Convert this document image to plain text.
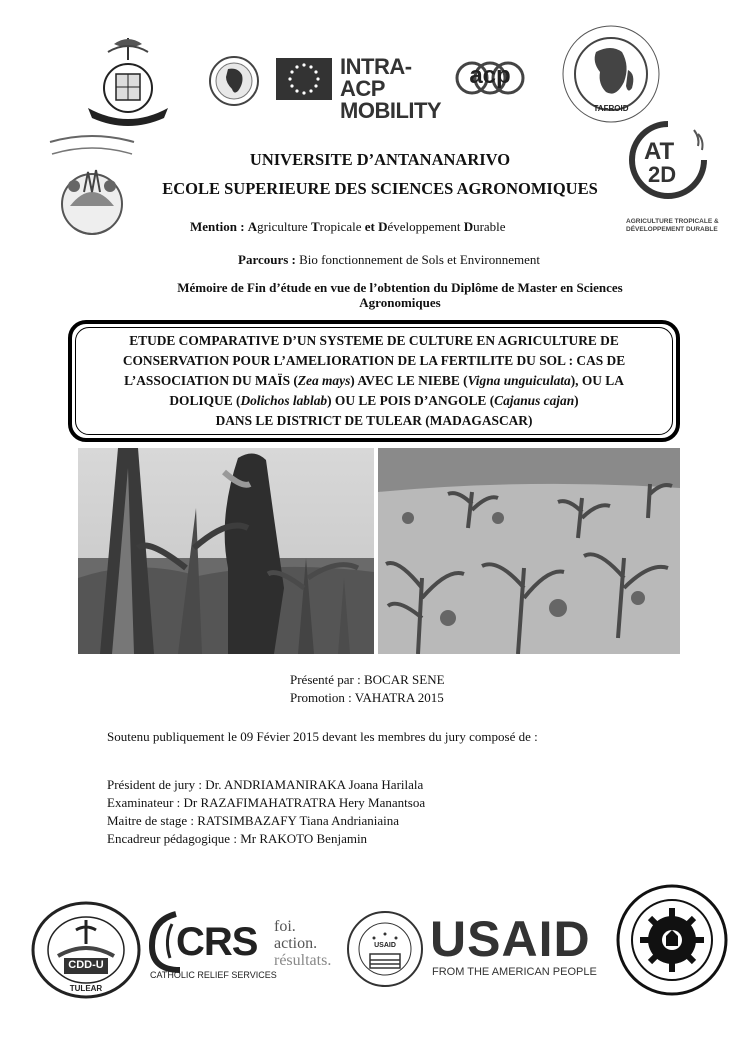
INTRA-ACP
MOBILITY
acp
TAFROID
AT
2D
AGRICULTURE TROPICALE &
DÉVELOPPEMENT DURABLE
UNIVERSITE D’ANTANANARIVO
ECOLE SUPERIEURE DES SCIENCES AGRONOMIQUES
Mention : Agriculture Tropicale et Développement Durable
Parcours : Bio fonctionnement de Sols et Environnement
Mémoire de Fin d’étude en vue de l’obtention du Diplôme de Master en Sciences
Agronomiques
ETUDE COMPARATIVE D’UN SYSTEME DE CULTURE EN AGRICULTURE DE
CONSERVATION POUR L’AMELIORATION DE LA FERTILITE DU SOL : CAS DE
L’ASSOCIATION DU MAÏS (Zea mays) AVEC LE NIEBE (Vigna unguiculata), OU LA
DOLIQUE (Dolichos lablab) OU LE POIS D’ANGOLE (Cajanus cajan)
DANS LE DISTRICT DE TULEAR (MADAGASCAR)
Présenté par : BOCAR SENE
Promotion : VAHATRA 2015
Soutenu publiquement le 09 Févier 2015 devant les membres du jury composé de :
Président de jury : Dr. ANDRIAMANIRAKA Joana Harilala
Examinateur : Dr RAZAFIMAHATRATRA Hery Manantsoa
Maitre de stage : RATSIMBAZAFY Tiana Andrianiaina
Encadreur pédagogique : Mr RAKOTO Benjamin
CDD-U
TULEAR
CRS
CATHOLIC RELIEF SERVICES
foi.
action.
résultats.
USAID USAID
FROM THE AMERICAN PEOPLE
